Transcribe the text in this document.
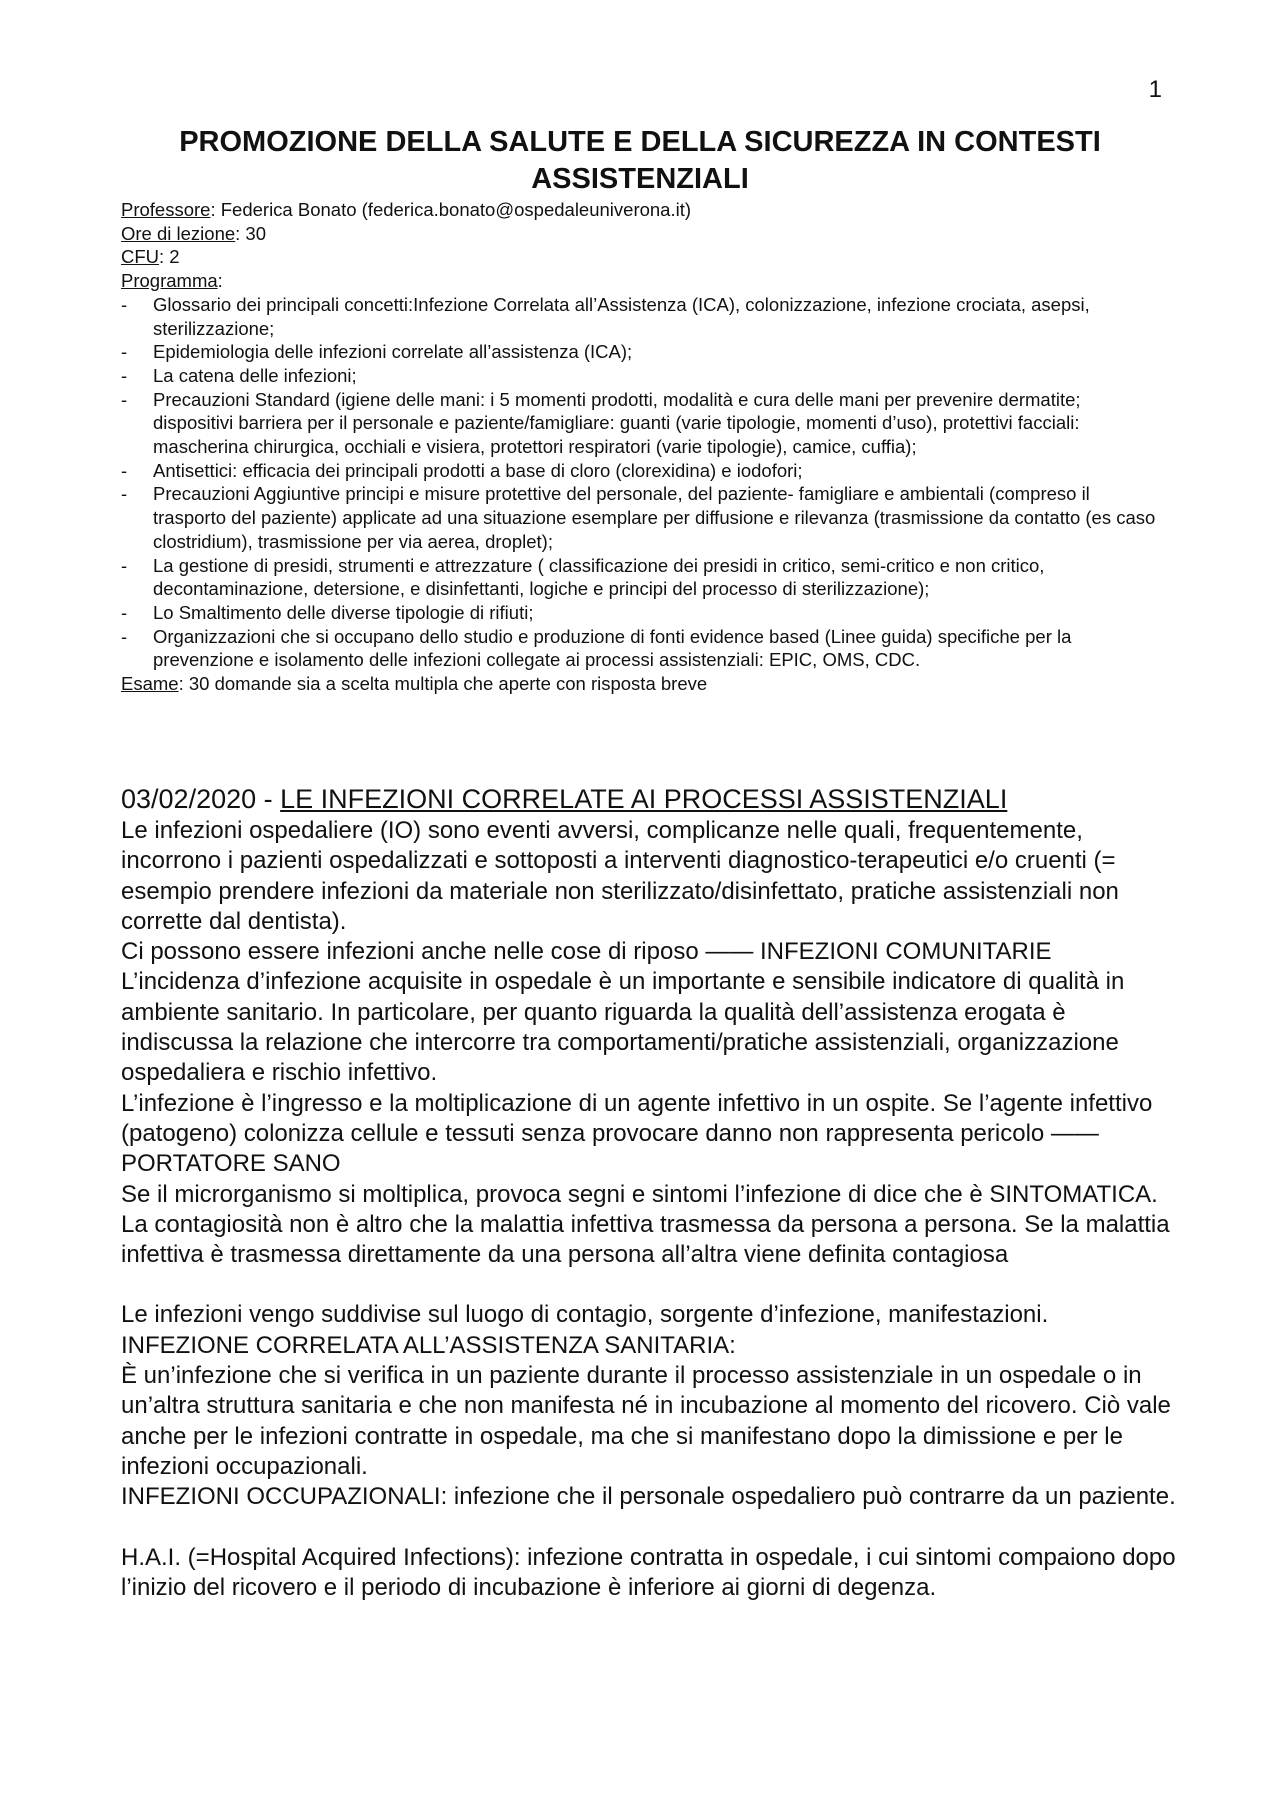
1
PROMOZIONE DELLA SALUTE E DELLA SICUREZZA IN CONTESTI ASSISTENZIALI
Professore: Federica Bonato (federica.bonato@ospedaleuniverona.it)
Ore di lezione: 30
CFU: 2
Programma:
- Glossario dei principali concetti:Infezione Correlata all’Assistenza (ICA), colonizzazione, infezione crociata, asepsi, sterilizzazione;
- Epidemiologia delle infezioni correlate all’assistenza (ICA);
- La catena delle infezioni;
- Precauzioni Standard (igiene delle mani: i 5 momenti prodotti, modalità e cura delle mani per prevenire dermatite; dispositivi barriera per il personale e paziente/famigliare: guanti (varie tipologie, momenti d’uso), protettivi facciali: mascherina chirurgica, occhiali e visiera, protettori respiratori (varie tipologie), camice, cuffia);
- Antisettici: efficacia dei principali prodotti a base di cloro (clorexidina) e iodofori;
- Precauzioni Aggiuntive principi e misure protettive del personale, del paziente- famigliare e ambientali (compreso il trasporto del paziente) applicate ad una situazione esemplare per diffusione e rilevanza (trasmissione da contatto (es caso clostridium), trasmissione per via aerea, droplet);
- La gestione di presidi, strumenti e attrezzature ( classificazione dei presidi in critico, semi-critico e non critico, decontaminazione, detersione, e disinfettanti, logiche e principi del processo di sterilizzazione);
- Lo Smaltimento delle diverse tipologie di rifiuti;
- Organizzazioni che si occupano dello studio e produzione di fonti evidence based (Linee guida) specifiche per la prevenzione e isolamento delle infezioni collegate ai processi assistenziali: EPIC, OMS, CDC.
Esame: 30 domande sia a scelta multipla che aperte con risposta breve

03/02/2020 - LE INFEZIONI CORRELATE AI PROCESSI ASSISTENZIALI

Le infezioni ospedaliere (IO) sono eventi avversi, complicanze nelle quali, frequentemente, incorrono i pazienti ospedalizzati e sottoposti a interventi diagnostico-terapeutici e/o cruenti (= esempio prendere infezioni da materiale non sterilizzato/disinfettato, pratiche assistenziali non corrette dal dentista).

Ci possono essere infezioni anche nelle cose di riposo —— INFEZIONI COMUNITARIE

L’incidenza d’infezione acquisite in ospedale è un importante e sensibile indicatore di qualità in ambiente sanitario. In particolare, per quanto riguarda la qualità dell’assistenza erogata è indiscussa la relazione che intercorre tra comportamenti/pratiche assistenziali, organizzazione ospedaliera e rischio infettivo.

L’infezione è l’ingresso e la moltiplicazione di un agente infettivo in un ospite. Se l’agente infettivo (patogeno) colonizza cellule e tessuti senza provocare danno non rappresenta pericolo —— PORTATORE SANO

Se il microrganismo si moltiplica, provoca segni e sintomi l’infezione di dice che è SINTOMATICA. La contagiosità non è altro che la malattia infettiva trasmessa da persona a persona. Se la malattia infettiva è trasmessa direttamente da una persona all’altra viene definita contagiosa

Le infezioni vengo suddivise sul luogo di contagio, sorgente d’infezione, manifestazioni.

INFEZIONE CORRELATA ALL’ASSISTENZA SANITARIA:

È un’infezione che si verifica in un paziente durante il processo assistenziale in un ospedale o in un’altra struttura sanitaria e che non manifesta né in incubazione al momento del ricovero. Ciò vale anche per le infezioni contratte in ospedale, ma che si manifestano dopo la dimissione e per le infezioni occupazionali.

INFEZIONI OCCUPAZIONALI: infezione che il personale ospedaliero può contrarre da un paziente.

H.A.I. (=Hospital Acquired Infections): infezione contratta in ospedale, i cui sintomi compaiono dopo l’inizio del ricovero e il periodo di incubazione è inferiore ai giorni di degenza.
